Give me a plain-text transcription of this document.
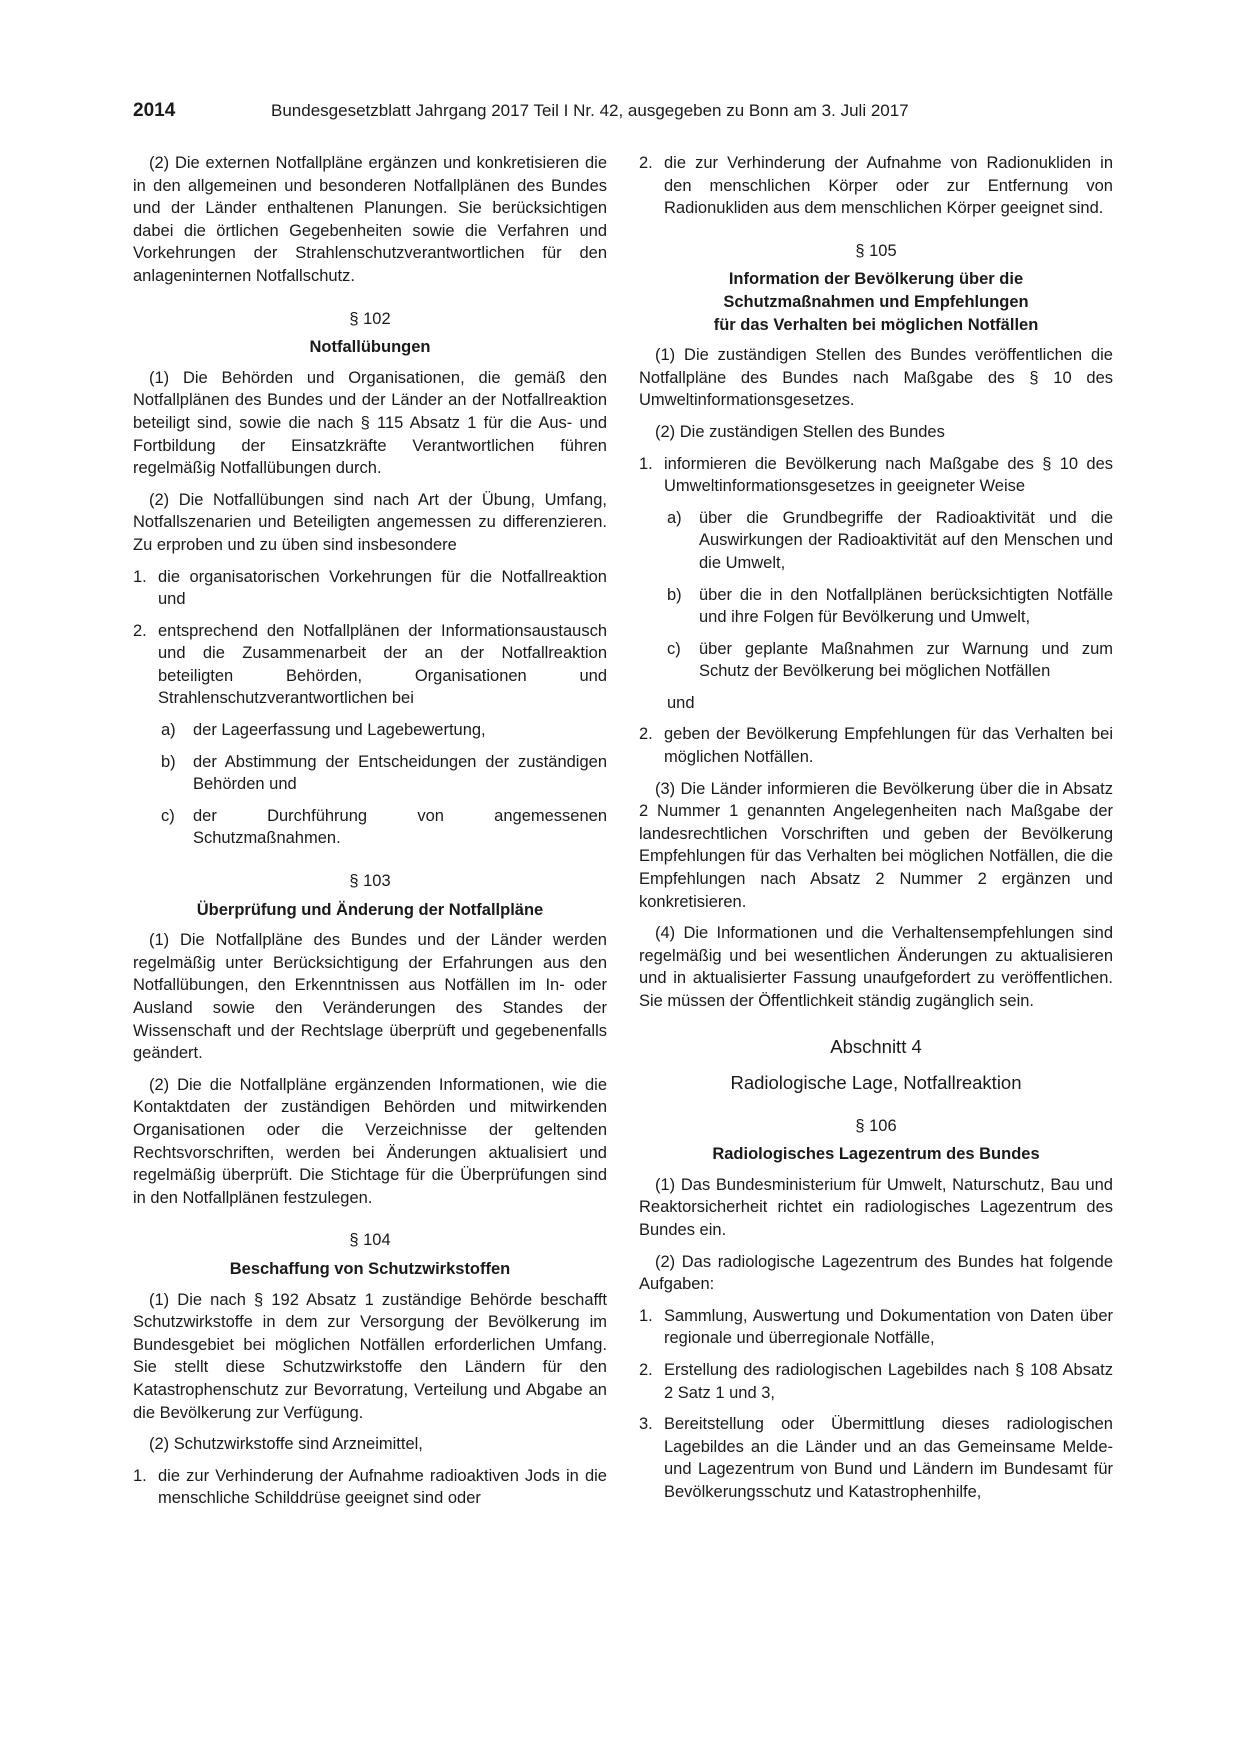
2014	Bundesgesetzblatt Jahrgang 2017 Teil I Nr. 42, ausgegeben zu Bonn am 3. Juli 2017

(2) Die externen Notfallpläne ergänzen und konkretisieren die in den allgemeinen und besonderen Notfallplänen des Bundes und der Länder enthaltenen Planungen. Sie berücksichtigen dabei die örtlichen Gegebenheiten sowie die Verfahren und Vorkehrungen der Strahlenschutzverantwortlichen für den anlageninternen Notfallschutz.

§ 102
Notfallübungen

(1) Die Behörden und Organisationen, die gemäß den Notfallplänen des Bundes und der Länder an der Notfallreaktion beteiligt sind, sowie die nach § 115 Absatz 1 für die Aus- und Fortbildung der Einsatzkräfte Verantwortlichen führen regelmäßig Notfallübungen durch.

(2) Die Notfallübungen sind nach Art der Übung, Umfang, Notfallszenarien und Beteiligten angemessen zu differenzieren. Zu erproben und zu üben sind insbesondere

1. die organisatorischen Vorkehrungen für die Notfallreaktion und
2. entsprechend den Notfallplänen der Informationsaustausch und die Zusammenarbeit der an der Notfallreaktion beteiligten Behörden, Organisationen und Strahlenschutzverantwortlichen bei
a) der Lageerfassung und Lagebewertung,
b) der Abstimmung der Entscheidungen der zuständigen Behörden und
c) der Durchführung von angemessenen Schutzmaßnahmen.
§ 103
Überprüfung und Änderung der Notfallpläne

(1) Die Notfallpläne des Bundes und der Länder werden regelmäßig unter Berücksichtigung der Erfahrungen aus den Notfallübungen, den Erkenntnissen aus Notfällen im In- oder Ausland sowie den Veränderungen des Standes der Wissenschaft und der Rechtslage überprüft und gegebenenfalls geändert.

(2) Die die Notfallpläne ergänzenden Informationen, wie die Kontaktdaten der zuständigen Behörden und mitwirkenden Organisationen oder die Verzeichnisse der geltenden Rechtsvorschriften, werden bei Änderungen aktualisiert und regelmäßig überprüft. Die Stichtage für die Überprüfungen sind in den Notfallplänen festzulegen.

§ 104
Beschaffung von Schutzwirkstoffen

(1) Die nach § 192 Absatz 1 zuständige Behörde beschafft Schutzwirkstoffe in dem zur Versorgung der Bevölkerung im Bundesgebiet bei möglichen Notfällen erforderlichen Umfang. Sie stellt diese Schutzwirkstoffe den Ländern für den Katastrophenschutz zur Bevorratung, Verteilung und Abgabe an die Bevölkerung zur Verfügung.

(2) Schutzwirkstoffe sind Arzneimittel,

1. die zur Verhinderung der Aufnahme radioaktiven Jods in die menschliche Schilddrüse geeignet sind oder
2. die zur Verhinderung der Aufnahme von Radionukliden in den menschlichen Körper oder zur Entfernung von Radionukliden aus dem menschlichen Körper geeignet sind.
§ 105
Information der Bevölkerung über die
Schutzmaßnahmen und Empfehlungen
für das Verhalten bei möglichen Notfällen

(1) Die zuständigen Stellen des Bundes veröffentlichen die Notfallpläne des Bundes nach Maßgabe des § 10 des Umweltinformationsgesetzes.

(2) Die zuständigen Stellen des Bundes

1. informieren die Bevölkerung nach Maßgabe des § 10 des Umweltinformationsgesetzes in geeigneter Weise
a) über die Grundbegriffe der Radioaktivität und die Auswirkungen der Radioaktivität auf den Menschen und die Umwelt,
b) über die in den Notfallplänen berücksichtigten Notfälle und ihre Folgen für Bevölkerung und Umwelt,
c) über geplante Maßnahmen zur Warnung und zum Schutz der Bevölkerung bei möglichen Notfällen
und
2. geben der Bevölkerung Empfehlungen für das Verhalten bei möglichen Notfällen.

(3) Die Länder informieren die Bevölkerung über die in Absatz 2 Nummer 1 genannten Angelegenheiten nach Maßgabe der landesrechtlichen Vorschriften und geben der Bevölkerung Empfehlungen für das Verhalten bei möglichen Notfällen, die die Empfehlungen nach Absatz 2 Nummer 2 ergänzen und konkretisieren.

(4) Die Informationen und die Verhaltensempfehlungen sind regelmäßig und bei wesentlichen Änderungen zu aktualisieren und in aktualisierter Fassung unaufgefordert zu veröffentlichen. Sie müssen der Öffentlichkeit ständig zugänglich sein.

Abschnitt 4
Radiologische Lage, Notfallreaktion
§ 106
Radiologisches Lagezentrum des Bundes

(1) Das Bundesministerium für Umwelt, Naturschutz, Bau und Reaktorsicherheit richtet ein radiologisches Lagezentrum des Bundes ein.

(2) Das radiologische Lagezentrum des Bundes hat folgende Aufgaben:

1. Sammlung, Auswertung und Dokumentation von Daten über regionale und überregionale Notfälle,
2. Erstellung des radiologischen Lagebildes nach § 108 Absatz 2 Satz 1 und 3,
3. Bereitstellung oder Übermittlung dieses radiologischen Lagebildes an die Länder und an das Gemeinsame Melde- und Lagezentrum von Bund und Ländern im Bundesamt für Bevölkerungsschutz und Katastrophenhilfe,
